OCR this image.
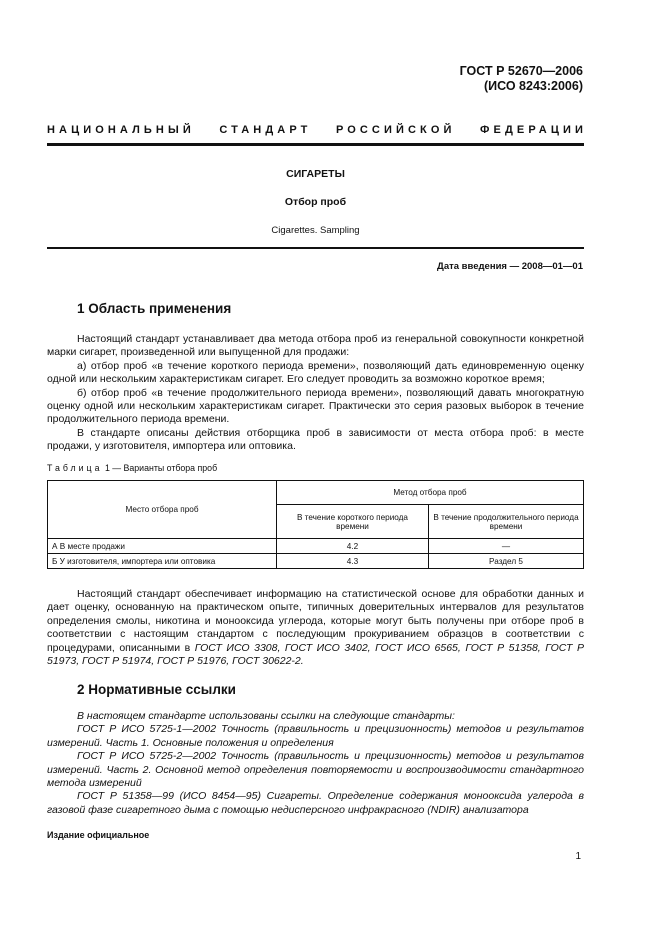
ГОСТ Р 52670—2006
(ИСО 8243:2006)
НАЦИОНАЛЬНЫЙ СТАНДАРТ РОССИЙСКОЙ ФЕДЕРАЦИИ
СИГАРЕТЫ
Отбор проб
Cigarettes. Sampling
Дата введения — 2008—01—01
1 Область применения

Настоящий стандарт устанавливает два метода отбора проб из генеральной совокупности конкретной марки сигарет, произведенной или выпущенной для продажи:

а) отбор проб «в течение короткого периода времени», позволяющий дать единовременную оценку одной или нескольким характеристикам сигарет. Его следует проводить за возможно короткое время;

б) отбор проб «в течение продолжительного периода времени», позволяющий давать многократную оценку одной или нескольким характеристикам сигарет. Практически это серия разовых выборок в течение продолжительного периода времени.

В стандарте описаны действия отборщика проб в зависимости от места отбора проб: в месте продажи, у изготовителя, импортера или оптовика.

Таблица 1 — Варианты отбора проб
Место отбора проб	Метод отбора проб	
	В течение короткого периода времени	В течение продолжительного периода времени
А В месте продажи	4.2	—
Б У изготовителя, импортера или оптовика	4.3	Раздел 5

Настоящий стандарт обеспечивает информацию на статистической основе для обработки данных и дает оценку, основанную на практическом опыте, типичных доверительных интервалов для результатов определения смолы, никотина и монооксида углерода, которые могут быть получены при отборе проб в соответствии с настоящим стандартом с последующим прокуриванием образцов в соответствии с процедурами, описанными в ГОСТ ИСО 3308, ГОСТ ИСО 3402, ГОСТ ИСО 6565, ГОСТ Р 51358, ГОСТ Р 51973, ГОСТ Р 51974, ГОСТ Р 51976, ГОСТ 30622-2.

2 Нормативные ссылки

В настоящем стандарте использованы ссылки на следующие стандарты:

ГОСТ Р ИСО 5725-1—2002 Точность (правильность и прецизионность) методов и результатов измерений. Часть 1. Основные положения и определения

ГОСТ Р ИСО 5725-2—2002 Точность (правильность и прецизионность) методов и результатов измерений. Часть 2. Основной метод определения повторяемости и воспроизводимости стандартного метода измерений

ГОСТ Р 51358—99 (ИСО 8454—95) Сигареты. Определение содержания монооксида углерода в газовой фазе сигаретного дыма с помощью недисперсного инфракрасного (NDIR) анализатора

Издание официальное
1
